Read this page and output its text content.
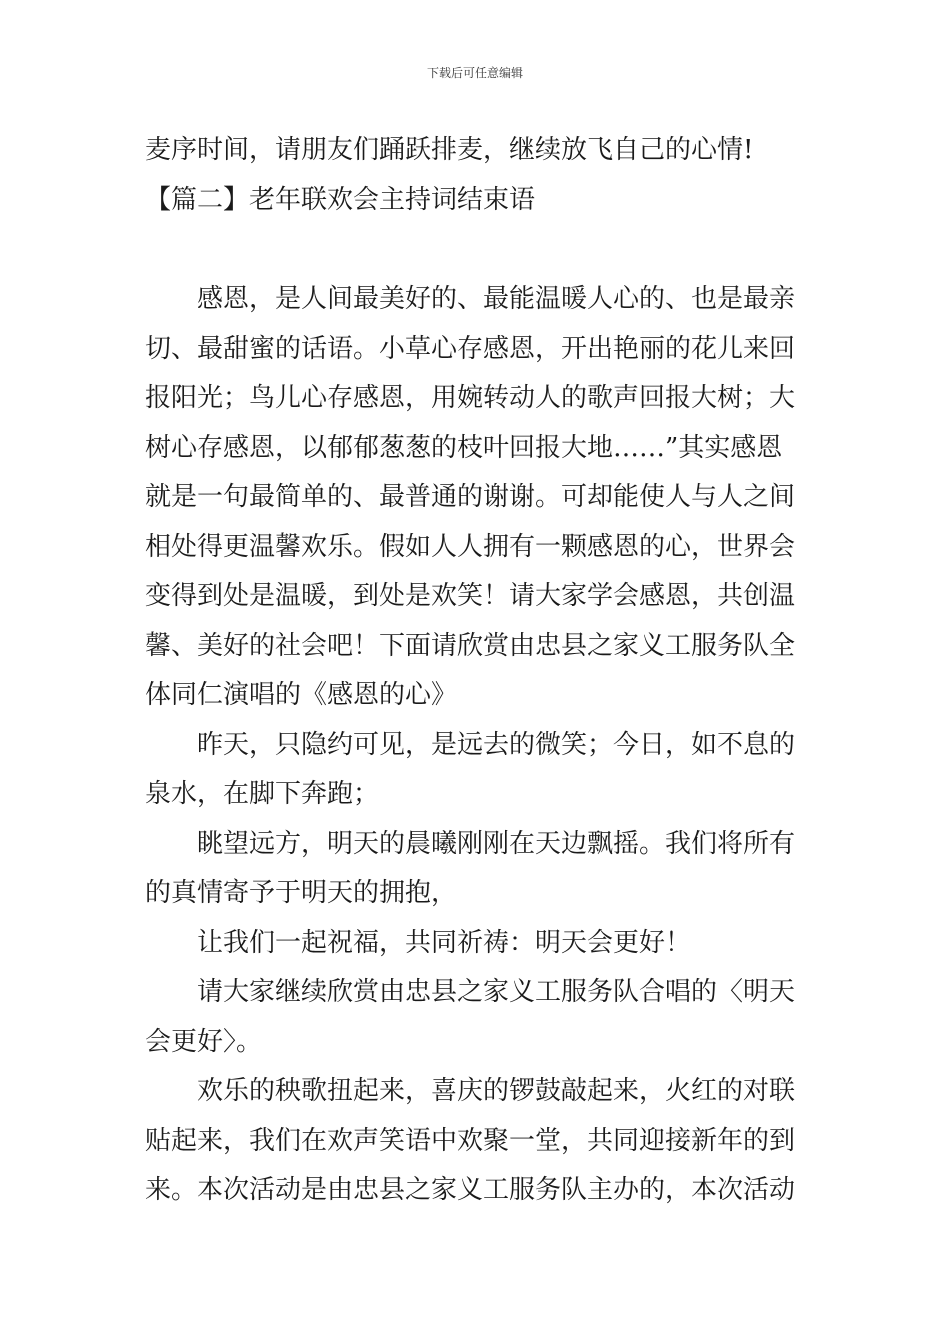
下载后可任意编辑
麦序时间，请朋友们踊跃排麦，继续放飞自己的心情!
【篇二】老年联欢会主持词结束语
感恩，是人间最美好的、最能温暖人心的、也是最亲
切、最甜蜜的话语。小草心存感恩，开出艳丽的花儿来回
报阳光；鸟儿心存感恩，用婉转动人的歌声回报大树；大
树心存感恩，以郁郁葱葱的枝叶回报大地……”其实感恩
就是一句最简单的、最普通的谢谢。可却能使人与人之间
相处得更温馨欢乐。假如人人拥有一颗感恩的心，世界会
变得到处是温暖，到处是欢笑！请大家学会感恩，共创温
馨、美好的社会吧！下面请欣赏由忠县之家义工服务队全
体同仁演唱的《感恩的心》
昨天，只隐约可见，是远去的微笑；今日，如不息的
泉水，在脚下奔跑；
眺望远方，明天的晨曦刚刚在天边飘摇。我们将所有
的真情寄予于明天的拥抱，
让我们一起祝福，共同祈祷：明天会更好！
请大家继续欣赏由忠县之家义工服务队合唱的〈明天
会更好〉。
欢乐的秧歌扭起来，喜庆的锣鼓敲起来，火红的对联
贴起来，我们在欢声笑语中欢聚一堂，共同迎接新年的到
来。本次活动是由忠县之家义工服务队主办的，本次活动
